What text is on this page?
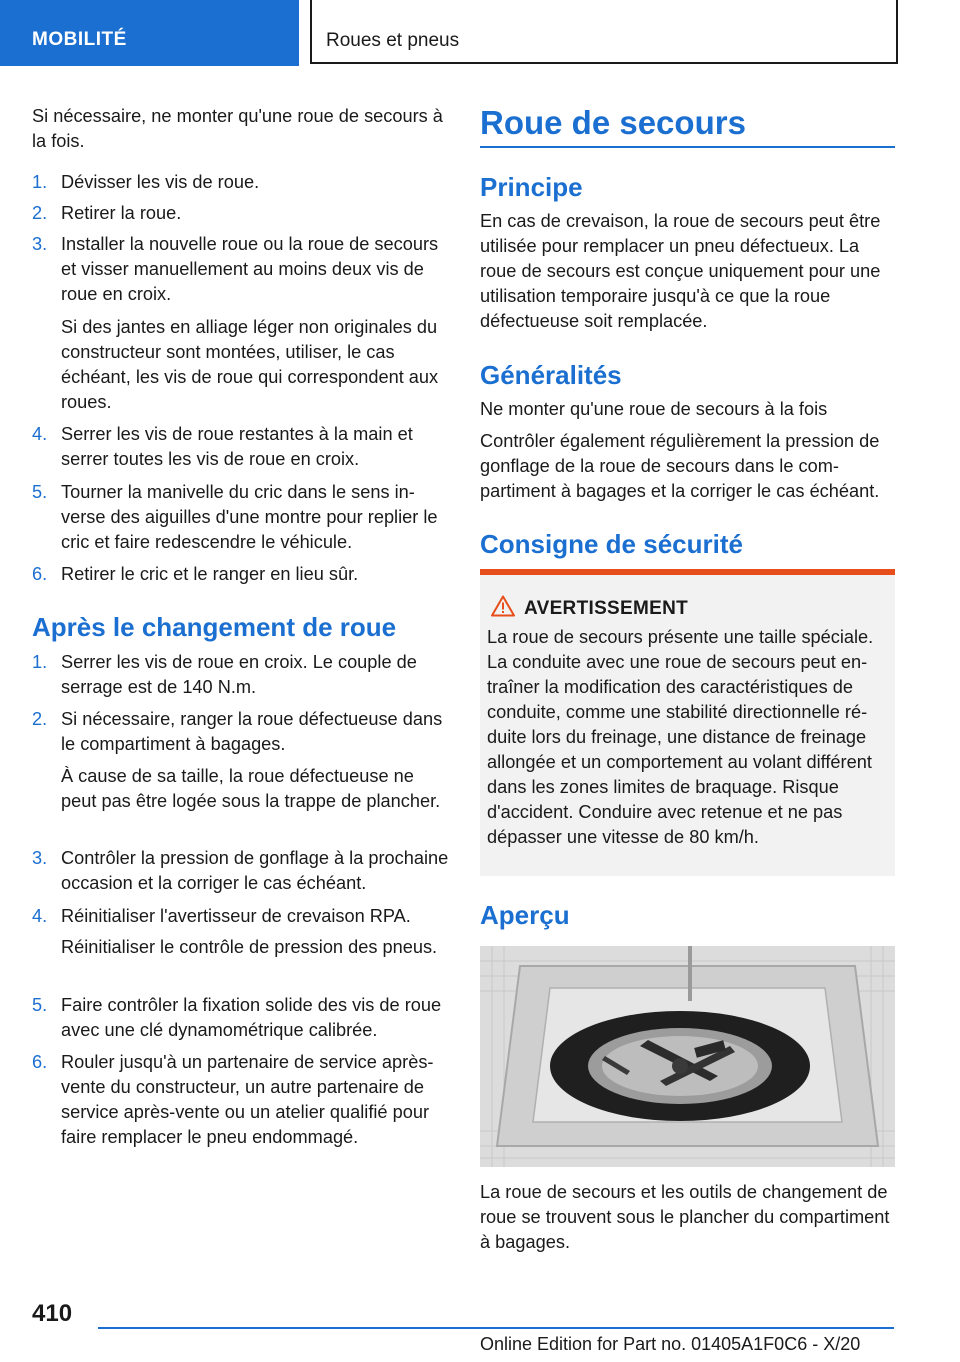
MOBILITÉ	Roues et pneus

Si nécessaire, ne monter qu'une roue de secours à la fois.

1. Dévisser les vis de roue.

2. Retirer la roue.

3. Installer la nouvelle roue ou la roue de secours et visser manuellement au moins deux vis de roue en croix.

Si des jantes en alliage léger non originales du constructeur sont montées, utiliser, le cas échéant, les vis de roue qui correspondent aux roues.

4. Serrer les vis de roue restantes à la main et serrer toutes les vis de roue en croix.

5. Tourner la manivelle du cric dans le sens inverse des aiguilles d'une montre pour replier le cric et faire redescendre le véhicule.

6. Retirer le cric et le ranger en lieu sûr.

Après le changement de roue
1. Serrer les vis de roue en croix. Le couple de serrage est de 140 N.m.

2. Si nécessaire, ranger la roue défectueuse dans le compartiment à bagages.

À cause de sa taille, la roue défectueuse ne peut pas être logée sous la trappe de plancher.

3. Contrôler la pression de gonflage à la prochaine occasion et la corriger le cas échéant.

4. Réinitialiser l'avertisseur de crevaison RPA.

Réinitialiser le contrôle de pression des pneus.

5. Faire contrôler la fixation solide des vis de roue avec une clé dynamométrique calibrée.

6. Rouler jusqu'à un partenaire de service après-vente du constructeur, un autre partenaire de service après-vente ou un atelier qualifié pour faire remplacer le pneu endommagé.

Roue de secours
Principe

En cas de crevaison, la roue de secours peut être utilisée pour remplacer un pneu défectueux. La roue de secours est conçue uniquement pour une utilisation temporaire jusqu'à ce que la roue défectueuse soit remplacée.

Généralités

Ne monter qu'une roue de secours à la fois

Contrôler également régulièrement la pression de gonflage de la roue de secours dans le compartiment à bagages et la corriger le cas échéant.

Consigne de sécurité
AVERTISSEMENT

La roue de secours présente une taille spéciale. La conduite avec une roue de secours peut entraîner la modification des caractéristiques de conduite, comme une stabilité directionnelle réduite lors du freinage, une distance de freinage allongée et un comportement au volant différent dans les zones limites de braquage. Risque d'accident. Conduire avec retenue et ne pas dépasser une vitesse de 80 km/h.

Aperçu

La roue de secours et les outils de changement de roue se trouvent sous le plancher du compartiment à bagages.

410
Online Edition for Part no. 01405A1F0C6 - X/20
